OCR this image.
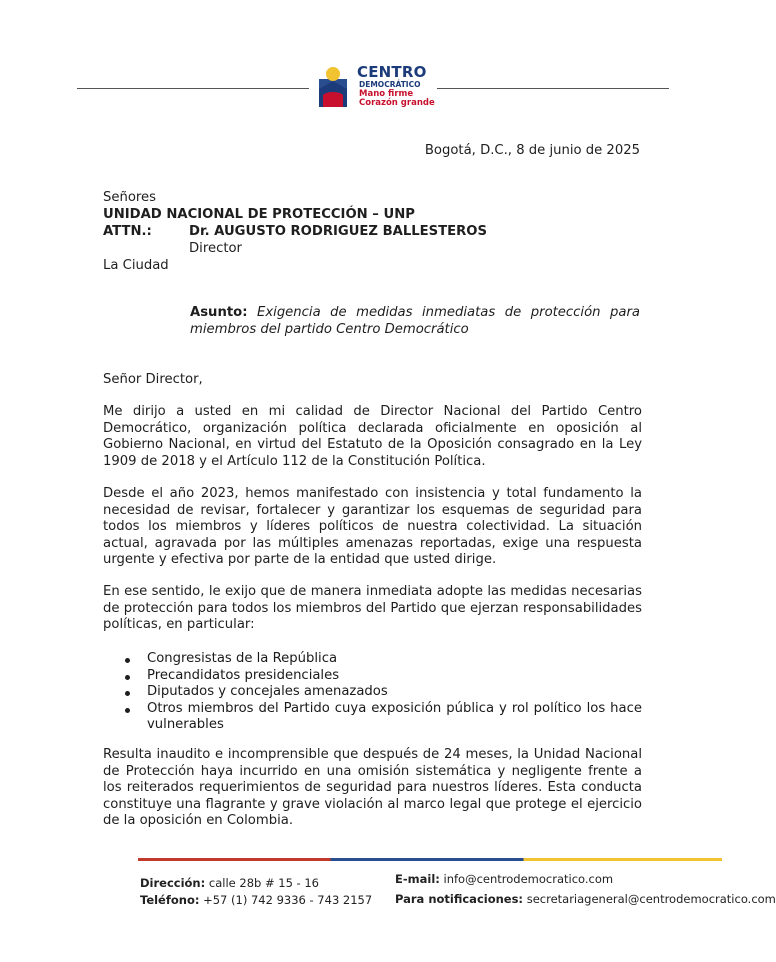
CENTRO
DEMOCRÁTICO
Mano firme
Corazón grande
Bogotá, D.C., 8 de junio de 2025
Señores
UNIDAD NACIONAL DE PROTECCIÓN – UNP
ATTN.:	Dr. AUGUSTO RODRIGUEZ BALLESTEROS
Director
La Ciudad
Asunto: Exigencia de medidas inmediatas de protección para miembros del partido Centro Democrático
Señor Director,

Me dirijo a usted en mi calidad de Director Nacional del Partido Centro Democrático, organización política declarada oficialmente en oposición al Gobierno Nacional, en virtud del Estatuto de la Oposición consagrado en la Ley 1909 de 2018 y el Artículo 112 de la Constitución Política.

Desde el año 2023, hemos manifestado con insistencia y total fundamento la necesidad de revisar, fortalecer y garantizar los esquemas de seguridad para todos los miembros y líderes políticos de nuestra colectividad. La situación actual, agravada por las múltiples amenazas reportadas, exige una respuesta urgente y efectiva por parte de la entidad que usted dirige.

En ese sentido, le exijo que de manera inmediata adopte las medidas necesarias de protección para todos los miembros del Partido que ejerzan responsabilidades políticas, en particular:

Congresistas de la República
Precandidatos presidenciales
Diputados y concejales amenazados
Otros miembros del Partido cuya exposición pública y rol político los hace vulnerables

Resulta inaudito e incomprensible que después de 24 meses, la Unidad Nacional de Protección haya incurrido en una omisión sistemática y negligente frente a los reiterados requerimientos de seguridad para nuestros líderes. Esta conducta constituye una flagrante y grave violación al marco legal que protege el ejercicio de la oposición en Colombia.

Dirección: calle 28b # 15 - 16
Teléfono: +57 (1) 742 9336 - 743 2157
E-mail: info@centrodemocratico.com
Para notificaciones: secretariageneral@centrodemocratico.com
